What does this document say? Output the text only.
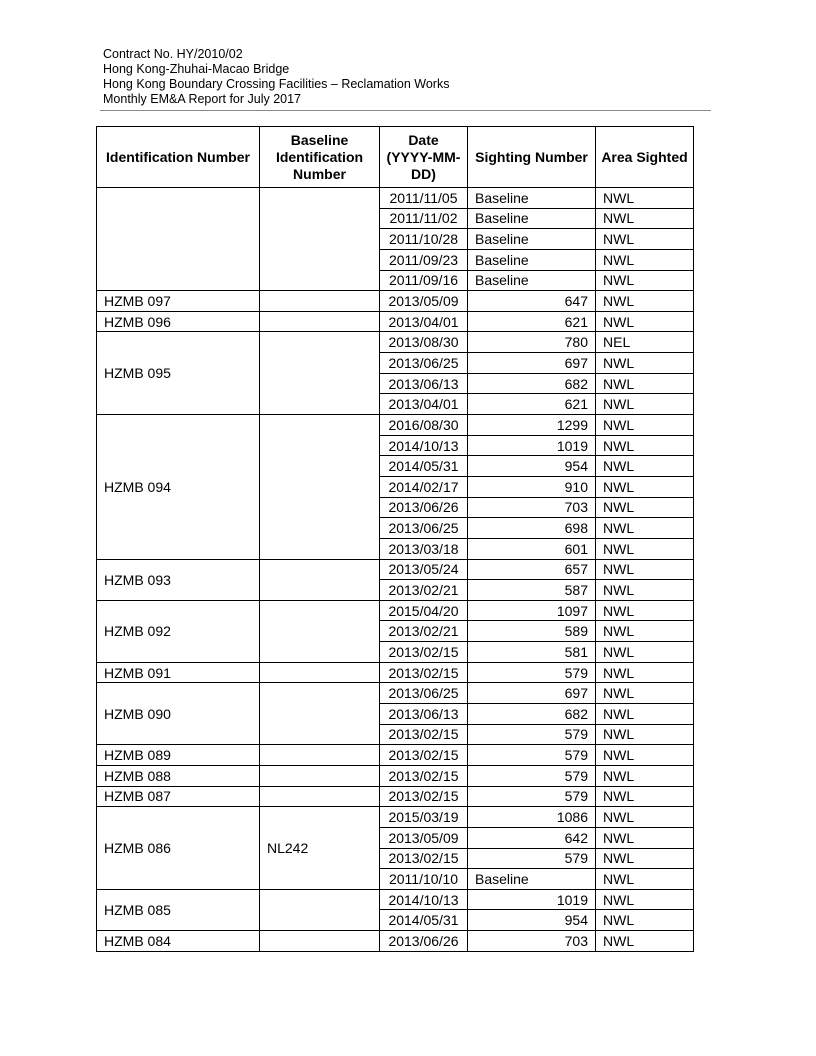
Contract No. HY/2010/02
Hong Kong-Zhuhai-Macao Bridge
Hong Kong Boundary Crossing Facilities – Reclamation Works
Monthly EM&A Report for July 2017
Identification Number	Baseline Identification Number	Date (YYYY-MM-DD)	Sighting Number	Area Sighted
		2011/11/05	Baseline	NWL
		2011/11/02	Baseline	NWL
		2011/10/28	Baseline	NWL
		2011/09/23	Baseline	NWL
		2011/09/16	Baseline	NWL
HZMB 097		2013/05/09	647	NWL
HZMB 096		2013/04/01	621	NWL
HZMB 095		2013/08/30	780	NEL
		2013/06/25	697	NWL
		2013/06/13	682	NWL
		2013/04/01	621	NWL
HZMB 094		2016/08/30	1299	NWL
		2014/10/13	1019	NWL
		2014/05/31	954	NWL
		2014/02/17	910	NWL
		2013/06/26	703	NWL
		2013/06/25	698	NWL
		2013/03/18	601	NWL
HZMB 093		2013/05/24	657	NWL
		2013/02/21	587	NWL
HZMB 092		2015/04/20	1097	NWL
		2013/02/21	589	NWL
		2013/02/15	581	NWL
HZMB 091		2013/02/15	579	NWL
HZMB 090		2013/06/25	697	NWL
		2013/06/13	682	NWL
		2013/02/15	579	NWL
HZMB 089		2013/02/15	579	NWL
HZMB 088		2013/02/15	579	NWL
HZMB 087		2013/02/15	579	NWL
HZMB 086	NL242	2015/03/19	1086	NWL
		2013/05/09	642	NWL
		2013/02/15	579	NWL
		2011/10/10	Baseline	NWL
HZMB 085		2014/10/13	1019	NWL
		2014/05/31	954	NWL
HZMB 084		2013/06/26	703	NWL
